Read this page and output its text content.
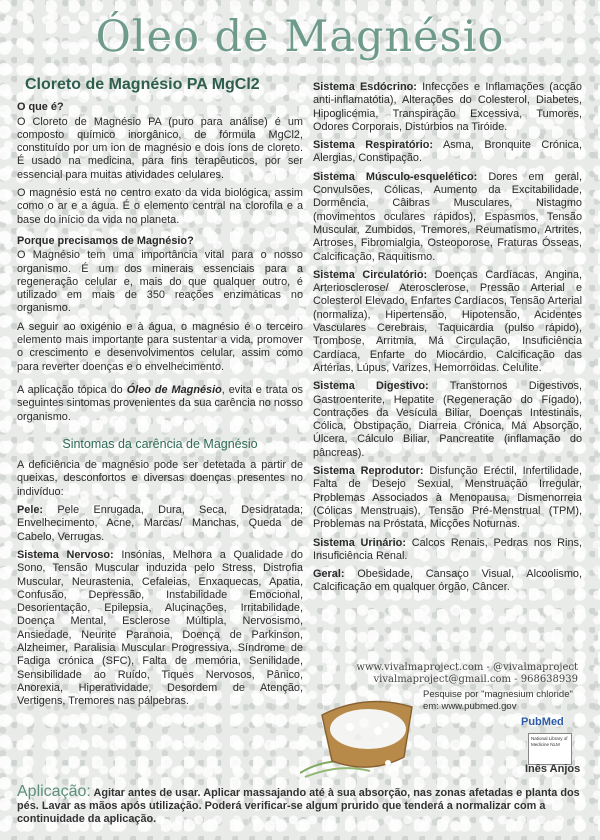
Óleo de Magnésio
Cloreto de Magnésio PA MgCl2
O que é?

O Cloreto de Magnésio PA (puro para análise) é um composto químico inorgânico, de fórmula MgCl2, constituído por um ion de magnésio e dois íons de cloreto. É usado na medicina, para fins terapêuticos, por ser essencial para muitas atividades celulares.

O magnésio está no centro exato da vida biológica, assim como o ar e a água. É o elemento central na clorofila e a base do início da vida no planeta.

Porque precisamos de Magnésio?

O Magnésio tem uma importância vital para o nosso organismo. É um dos minerais essenciais para a regeneração celular e, mais do que qualquer outro, é utilizado em mais de 350 reações enzimáticas no organismo.

A seguir ao oxigénio e à água, o magnésio é o terceiro elemento mais importante para sustentar a vida, promover o crescimento e desenvolvimentos celular, assim como para reverter doenças e o envelhecimento.

A aplicação tópica do Óleo de Magnésio, evita e trata os seguintes sintomas provenientes da sua carência no nosso organismo.

Sintomas da carência de Magnésio

A deficiência de magnésio pode ser detetada a partir de queixas, desconfortos e diversas doenças presentes no indivíduo:

Pele: Pele Enrugada, Dura, Seca, Desidratada; Envelhecimento, Acne, Marcas/ Manchas, Queda de Cabelo, Verrugas.

Sistema Nervoso: Insónias, Melhora a Qualidade do Sono, Tensão Muscular induzida pelo Stress, Distrofia Muscular, Neurastenia, Cefaleias, Enxaquecas, Apatia, Confusão, Depressão, Instabilidade Emocional, Desorientação, Epilepsia, Alucinações, Irritabilidade, Doença Mental, Esclerose Múltipla, Nervosismo, Ansiedade, Neurite Paranoia, Doença de Parkinson, Alzheimer, Paralisia Muscular Progressiva, Síndrome de Fadiga crónica (SFC), Falta de memória, Senilidade, Sensibilidade ao Ruído, Tiques Nervosos, Pânico, Anorexia, Hiperatividade, Desordem de Atenção, Vertigens, Tremores nas pálpebras.

Sistema Esdócrino: Infecções e Inflamações (acção anti-inflamatótia), Alterações do Colesterol, Diabetes, Hipoglicémia, Transpiração Excessiva, Tumores, Odores Corporais, Distúrbios na Tiróide.

Sistema Respiratório: Asma, Bronquite Crónica, Alergias, Constipação.

Sistema Músculo-esquelético: Dores em geral, Convulsões, Cólicas, Aumento da Excitabilidade, Dormência, Câibras Musculares, Nistagmo (movimentos oculares rápidos), Espasmos, Tensão Muscular, Zumbidos, Tremores, Reumatismo, Artrites, Artroses, Fibromialgia, Osteoporose, Fraturas Ósseas, Calcificação, Raquitismo.

Sistema Circulatório: Doenças Cardíacas, Angina, Arteriosclerose/ Aterosclerose, Pressão Arterial e Colesterol Elevado, Enfartes Cardíacos, Tensão Arterial (normaliza), Hipertensão, Hipotensão, Acidentes Vasculares Cerebrais, Taquicardia (pulso rápido), Trombose, Arritmia, Má Circulação, Insuficiência Cardíaca, Enfarte do Miocárdio, Calcificação das Artérias, Lúpus, Varizes, Hemorroidas. Celulite.

Sistema Digestivo: Transtornos Digestivos, Gastroenterite, Hepatite (Regeneração do Fígado), Contrações da Vesícula Biliar, Doenças Intestinais, Cólica, Obstipação, Diarreia Crónica, Má Absorção, Úlcera, Cálculo Biliar, Pancreatite (inflamação do pâncreas).

Sistema Reprodutor: Disfunção Eréctil, Infertilidade, Falta de Desejo Sexual, Menstruação Irregular, Problemas Associados à Menopausa, Dismenorreia (Cólicas Menstruais), Tensão Pré-Menstrual (TPM), Problemas na Próstata, Micções Noturnas.

Sistema Urinário: Calcos Renais, Pedras nos Rins, Insuficiência Renal.

Geral: Obesidade, Cansaço Visual, Alcoolismo, Calcificação em qualquer órgão, Câncer.

www.vivalmaproject.com - @vivalmaproject
vivalmaproject@gmail.com - 968638939
Pesquise por "magnesium chloride" em: www.pubmed.gov
PubMed
National Library of Medicine NLM
Inês Anjos
Aplicação: Agitar antes de usar. Aplicar massajando até à sua absorção, nas zonas afetadas e planta dos pés. Lavar as mãos após utilização. Poderá verificar-se algum prurido que tenderá a normalizar com a continuidade da aplicação.
